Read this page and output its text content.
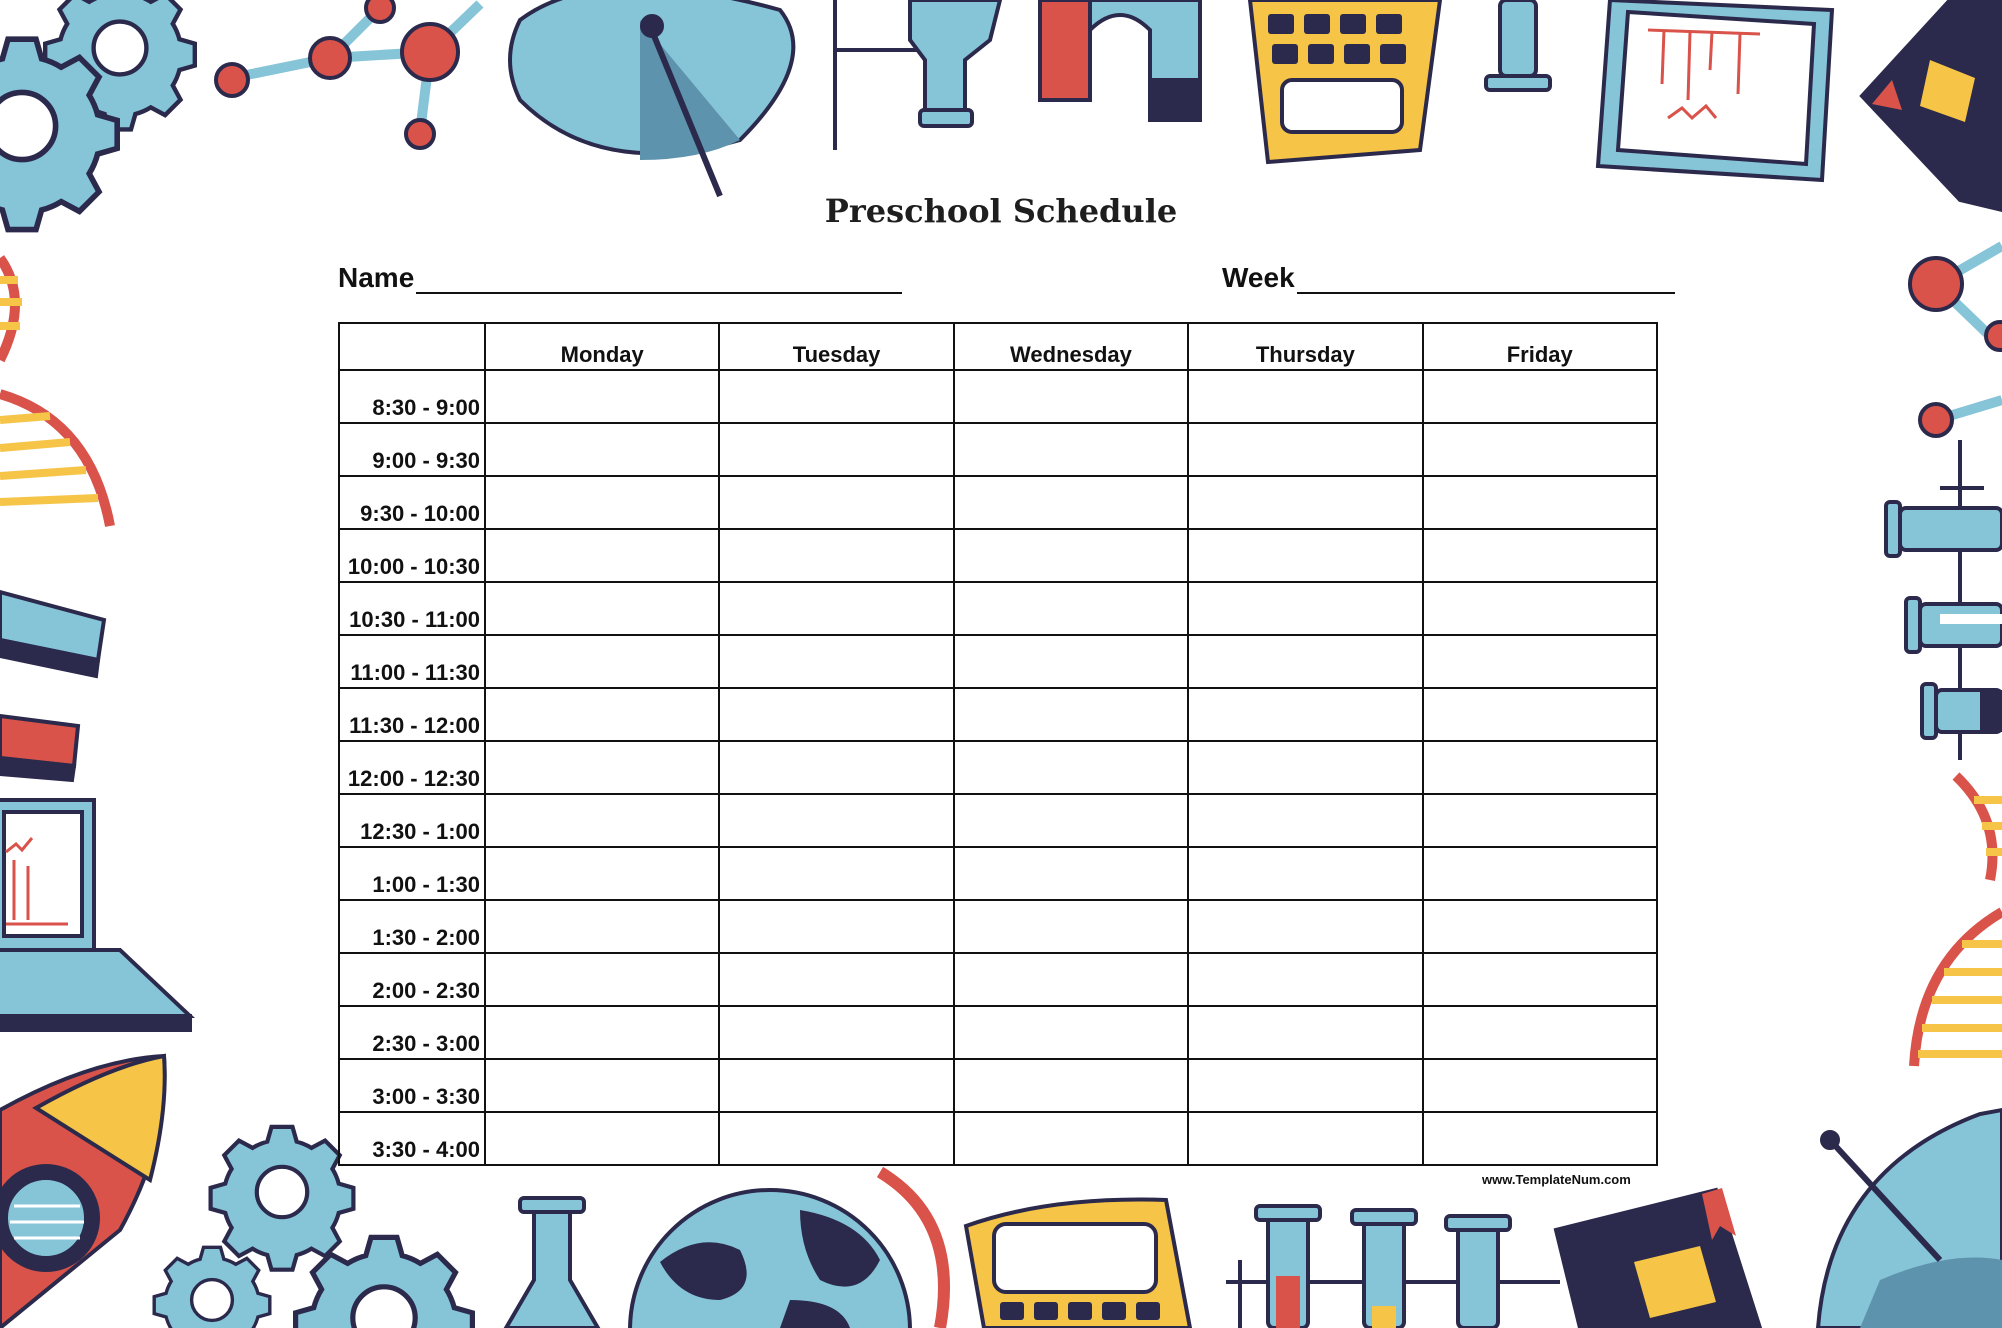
Preschool Schedule
Name	Week
	Monday	Tuesday	Wednesday	Thursday	Friday
8:30 - 9:00					
9:00 - 9:30					
9:30 - 10:00					
10:00 - 10:30					
10:30 - 11:00					
11:00 - 11:30					
11:30 - 12:00					
12:00 - 12:30					
12:30 - 1:00					
1:00 - 1:30					
1:30 - 2:00					
2:00 - 2:30					
2:30 - 3:00					
3:00 - 3:30					
3:30 - 4:00					
www.TemplateNum.com
